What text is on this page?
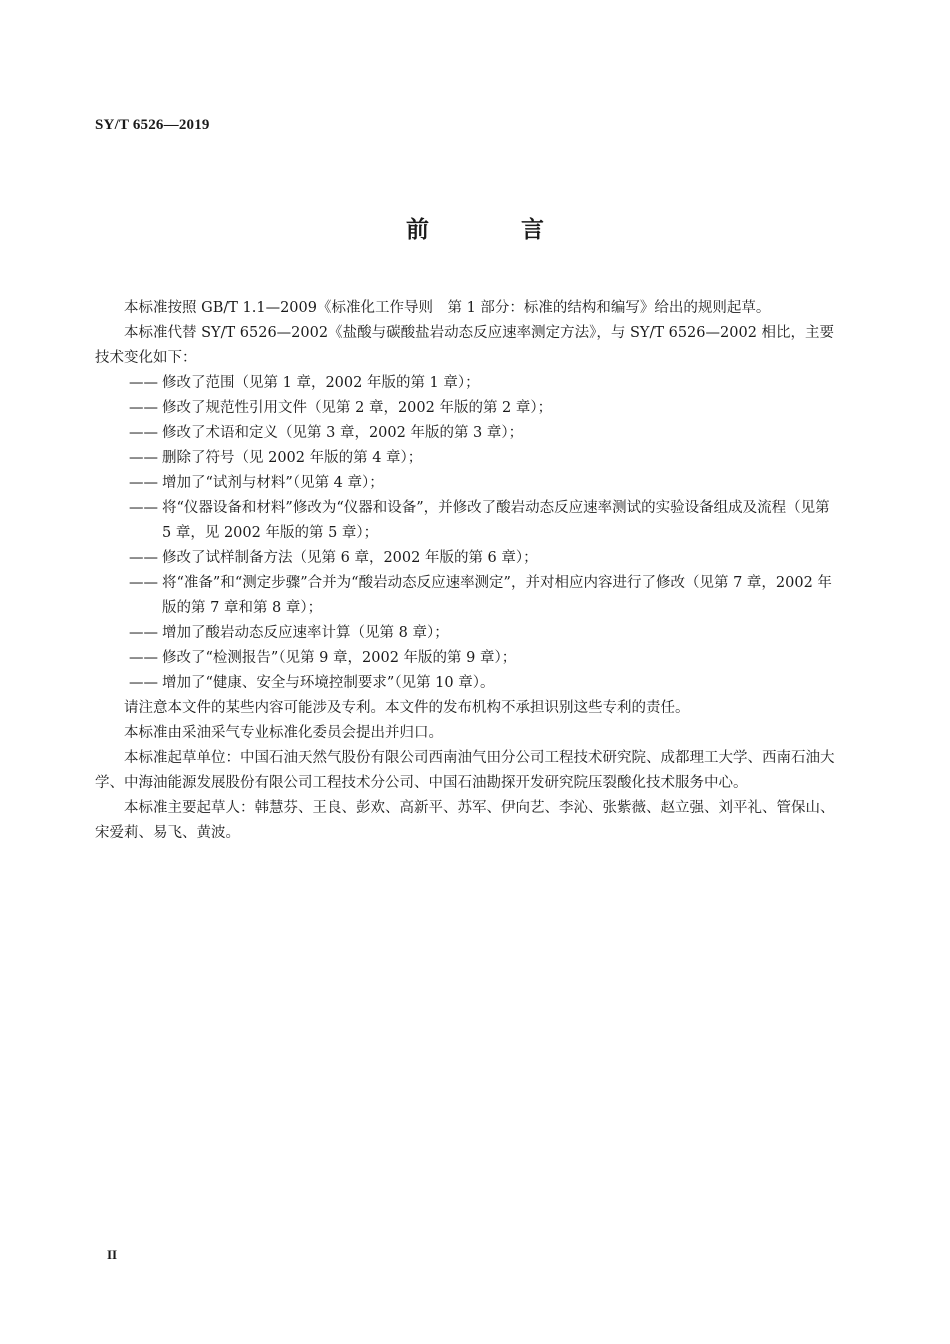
SY/T 6526—2019
前 言

本标准按照 GB/T 1.1—2009《标准化工作导则　第 1 部分：标准的结构和编写》给出的规则起草。

本标准代替 SY/T 6526—2002《盐酸与碳酸盐岩动态反应速率测定方法》，与 SY/T 6526—2002 相比，主要技术变化如下：

—— 修改了范围（见第 1 章，2002 年版的第 1 章）；

—— 修改了规范性引用文件（见第 2 章，2002 年版的第 2 章）；

—— 修改了术语和定义（见第 3 章，2002 年版的第 3 章）；

—— 删除了符号（见 2002 年版的第 4 章）；

—— 增加了“试剂与材料”（见第 4 章）；

—— 将“仪器设备和材料”修改为“仪器和设备”，并修改了酸岩动态反应速率测试的实验设备组成及流程（见第 5 章，见 2002 年版的第 5 章）；

—— 修改了试样制备方法（见第 6 章，2002 年版的第 6 章）；

—— 将“准备”和“测定步骤”合并为“酸岩动态反应速率测定”，并对相应内容进行了修改（见第 7 章，2002 年版的第 7 章和第 8 章）；

—— 增加了酸岩动态反应速率计算（见第 8 章）；

—— 修改了“检测报告”（见第 9 章，2002 年版的第 9 章）；

—— 增加了“健康、安全与环境控制要求”（见第 10 章）。

请注意本文件的某些内容可能涉及专利。本文件的发布机构不承担识别这些专利的责任。

本标准由采油采气专业标准化委员会提出并归口。

本标准起草单位：中国石油天然气股份有限公司西南油气田分公司工程技术研究院、成都理工大学、西南石油大学、中海油能源发展股份有限公司工程技术分公司、中国石油勘探开发研究院压裂酸化技术服务中心。

本标准主要起草人：韩慧芬、王良、彭欢、高新平、苏军、伊向艺、李沁、张紫薇、赵立强、刘平礼、管保山、宋爱莉、易飞、黄波。

II
